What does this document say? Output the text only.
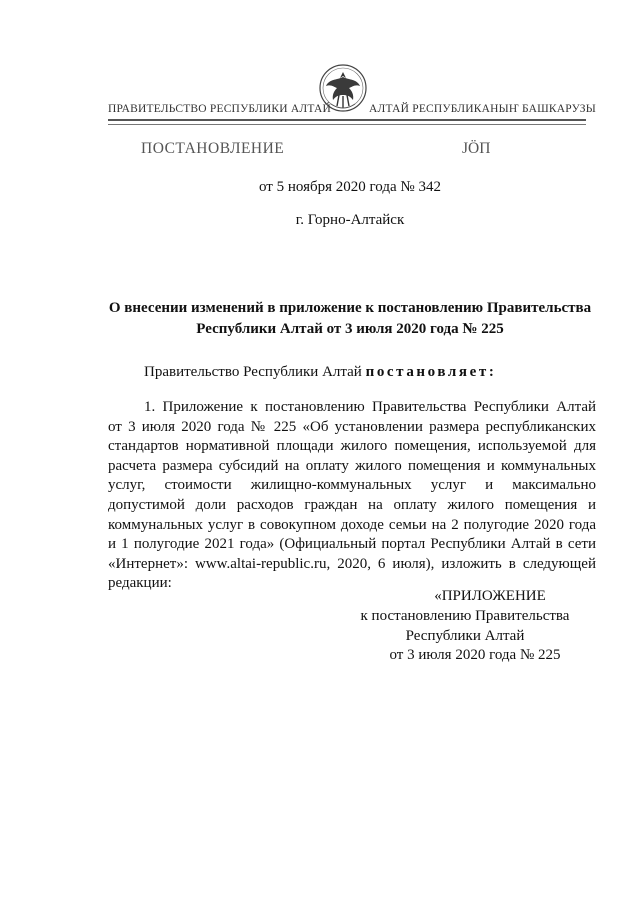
ПРАВИТЕЛЬСТВО РЕСПУБЛИКИ АЛТАЙ	АЛТАЙ РЕСПУБЛИКАНЫҤ БАШКАРУЗЫ
ПОСТАНОВЛЕНИЕ	JÖП
от 5 ноября 2020 года № 342
г. Горно-Алтайск
О внесении изменений в приложение к постановлению Правительства
Республики Алтай от 3 июля 2020 года № 225
Правительство Республики Алтай постановляет:
1. Приложение к постановлению Правительства Республики Алтай
от 3 июля 2020 года № 225 «Об установлении размера республиканских
стандартов нормативной площади жилого помещения, используемой для
расчета размера субсидий на оплату жилого помещения и коммунальных
услуг, стоимости жилищно-коммунальных услуг и максимально
допустимой доли расходов граждан на оплату жилого помещения и
коммунальных услуг в совокупном доходе семьи на 2 полугодие 2020 года
и 1 полугодие 2021 года» (Официальный портал Республики Алтай в сети
«Интернет»: www.altai-republic.ru, 2020, 6 июля), изложить в следующей
редакции:
«ПРИЛОЖЕНИЕ
к постановлению Правительства
Республики Алтай
от 3 июля 2020 года № 225
